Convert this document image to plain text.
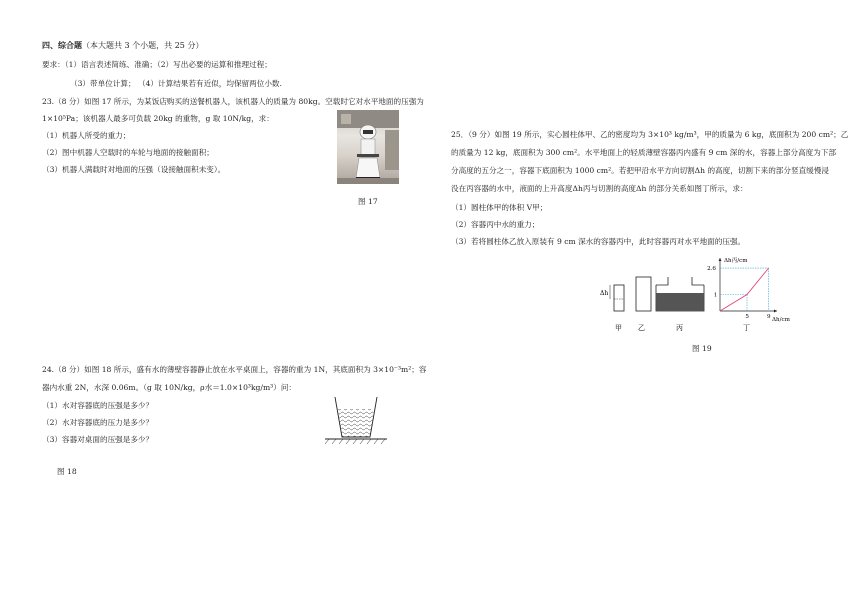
四、综合题（本大题共 3 个小题，共 25 分）
要求：（1）语言表述简练、准确；（2）写出必要的运算和推理过程；
（3）带单位计算； （4）计算结果若有近似，均保留两位小数.
23.（8 分）如图 17 所示，为某饭店购买的送餐机器人，该机器人的质量为 80kg。空载时它对水平地面的压强为
1×10⁵Pa；该机器人最多可负载 20kg 的重物，g 取 10N/kg，求：
（1）机器人所受的重力；
（2）图中机器人空载时的车轮与地面的接触面积；
（3）机器人满载时对地面的压强（设接触面积未变）。
图 17
24.（8 分）如图 18 所示，盛有水的薄壁容器静止放在水平桌面上，容器的重为 1N，其底面积为 3×10⁻³m²；容
器内水重 2N，水深 0.06m。（g 取 10N/kg，ρ水＝1.0×10³kg/m³）问：
（1）水对容器底的压强是多少？
（2）水对容器底的压力是多少？
（3）容器对桌面的压强是多少？
图 18
25．（9 分）如图 19 所示，实心圆柱体甲、乙的密度均为 3×10³ kg/m³，甲的质量为 6 kg，底面积为 200 cm²；乙
的质量为 12 kg，底面积为 300 cm²。水平地面上的轻质薄壁容器丙内盛有 9 cm 深的水，容器上部分高度为下部
分高度的五分之一，容器下底面积为 1000 cm²。若把甲沿水平方向切割Δh 的高度，切割下来的部分竖直缓慢浸
没在丙容器的水中，液面的上升高度Δh丙与切割的高度Δh 的部分关系如图丁所示，求：
（1）圆柱体甲的体积 V甲；
（2）容器丙中水的重力；
（3）若将圆柱体乙放入原装有 9 cm 深水的容器丙中，此时容器丙对水平地面的压强。
Δh
甲 乙	丙	丁
Δh丙/cm
Δh/cm
5	9
1
2.6
图 19
